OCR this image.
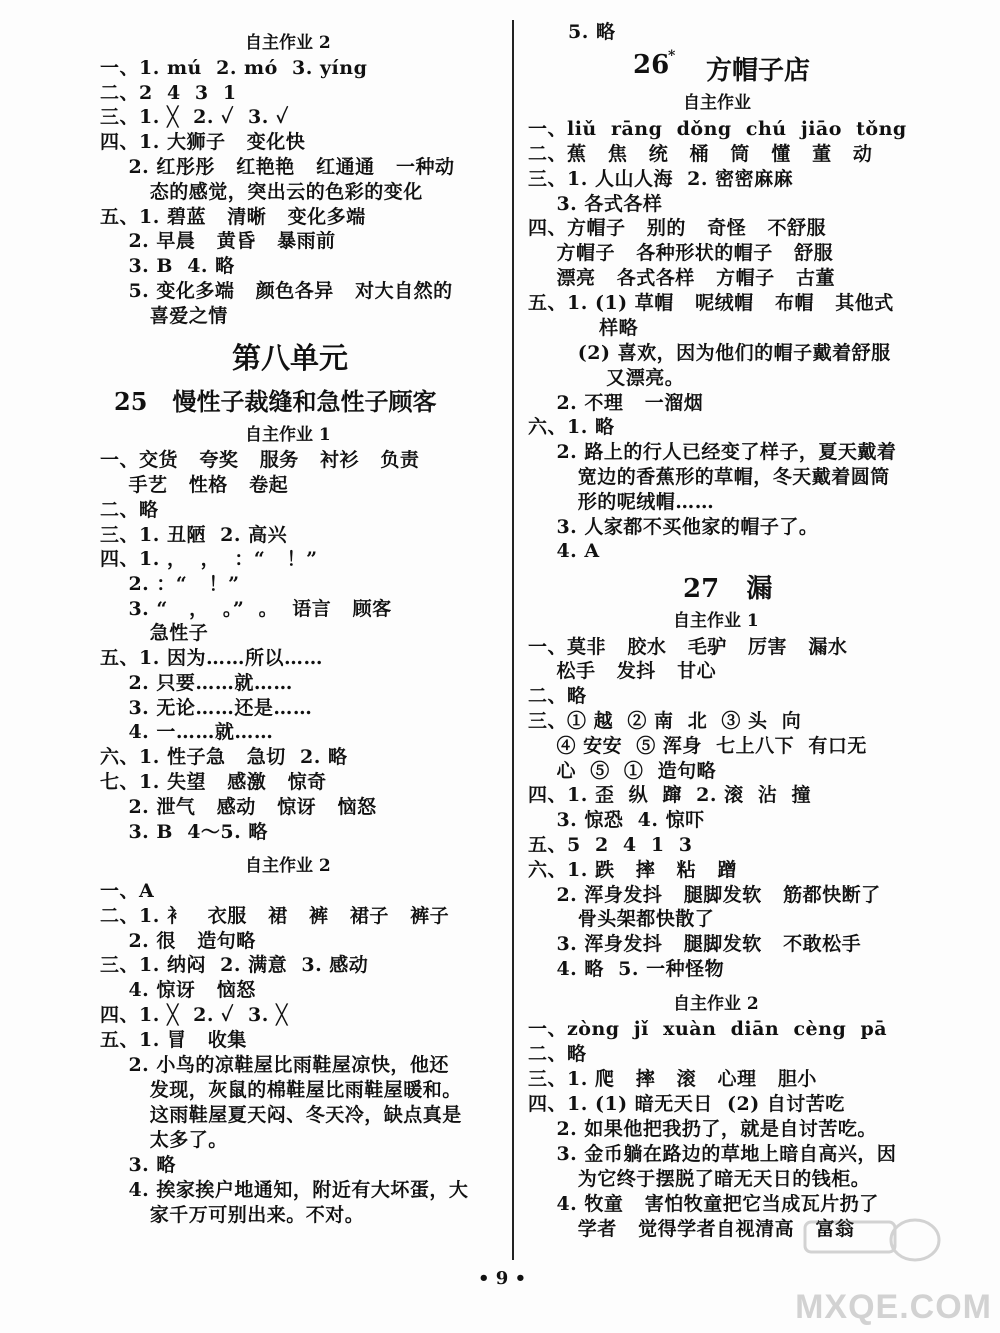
自主作业 2
一、1. mú  2. mó  3. yíng
二、2  4  3  1
三、1. ╳  2. ✓  3. ✓
四、1. 大狮子   变化快
2. 红彤彤   红艳艳   红通通   一种动
态的感觉，突出云的色彩的变化
五、1. 碧蓝   清晰   变化多端
2. 早晨   黄昏   暴雨前
3. B  4. 略
5. 变化多端   颜色各异   对大自然的
喜爱之情
第八单元
25   慢性子裁缝和急性子顾客
自主作业 1
一、交货   夸奖   服务   衬衫   负责
手艺   性格   卷起
二、略
三、1. 丑陋  2. 高兴
四、1. ，  ，  ：“   ！”
2. ：“   ！”
3. “   ，  。”  。  语言   顾客
急性子
五、1. 因为……所以……
2. 只要……就……
3. 无论……还是……
4. 一……就……
六、1. 性子急   急切  2. 略
七、1. 失望   感激   惊奇
2. 泄气   感动   惊讶   恼怒
3. B  4～5. 略
自主作业 2
一、A
二、1. 衤   衣服   裙   裤   裙子   裤子
2. 很   造句略
三、1. 纳闷  2. 满意  3. 感动
4. 惊讶   恼怒
四、1. ╳  2. ✓  3. ╳
五、1. 冒   收集
2. 小鸟的凉鞋屋比雨鞋屋凉快，他还
发现，灰鼠的棉鞋屋比雨鞋屋暖和。
这雨鞋屋夏天闷、冬天冷，缺点真是
太多了。
3. 略
4. 挨家挨户地通知，附近有大坏蛋，大
家千万可别出来。不对。
5. 略
26
* 方帽子店
自主作业
一、liǔ  rāng  dǒng  chú  jiāo  tǒng
二、蕉   焦   统   桶   筒   懂   董   动
三、1. 人山人海  2. 密密麻麻
3. 各式各样
四、方帽子   别的   奇怪   不舒服
方帽子   各种形状的帽子   舒服
漂亮   各式各样   方帽子   古董
五、1. (1) 草帽   呢绒帽   布帽   其他式
样略
(2) 喜欢，因为他们的帽子戴着舒服
又漂亮。
2. 不理   一溜烟
六、1. 略
2. 路上的行人已经变了样子，夏天戴着
宽边的香蕉形的草帽，冬天戴着圆筒
形的呢绒帽……
3. 人家都不买他家的帽子了。
4. A
27   漏
自主作业 1
一、莫非   胶水   毛驴   厉害   漏水
松手   发抖   甘心
二、略
三、① 越  ② 南  北  ③ 头  向
④ 安安  ⑤ 浑身  七上八下  有口无
心  ⑤  ①  造句略
四、1. 歪  纵  蹿  2. 滚  沾  撞
3. 惊恐  4. 惊吓
五、5  2  4  1  3
六、1. 跌   摔   粘   蹭
2. 浑身发抖   腿脚发软   筋都快断了
骨头架都快散了
3. 浑身发抖   腿脚发软   不敢松手
4. 略  5. 一种怪物
自主作业 2
一、zòng  jǐ  xuàn  diān  cèng  pā
二、略
三、1. 爬   摔   滚   心理   胆小
四、1. (1) 暗无天日  (2) 自讨苦吃
2. 如果他把我扔了，就是自讨苦吃。
3. 金币躺在路边的草地上暗自高兴，因
为它终于摆脱了暗无天日的钱柜。
4. 牧童   害怕牧童把它当成瓦片扔了
学者   觉得学者自视清高   富翁
• 9 •
MXQE.COM
